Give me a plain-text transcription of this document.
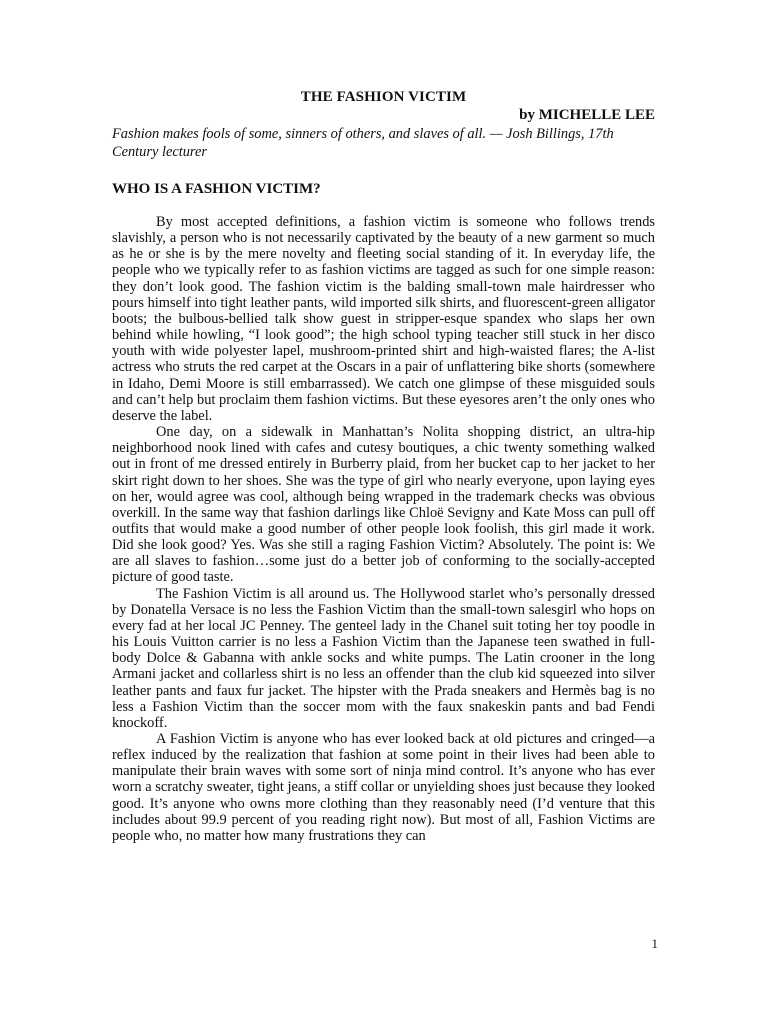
THE FASHION VICTIM
by MICHELLE LEE
Fashion makes fools of some, sinners of others, and slaves of all. — Josh Billings, 17th Century lecturer
WHO IS A FASHION VICTIM?

By most accepted definitions, a fashion victim is someone who follows trends slavishly, a person who is not necessarily captivated by the beauty of a new garment so much as he or she is by the mere novelty and fleeting social standing of it. In everyday life, the people who we typically refer to as fashion victims are tagged as such for one simple reason: they don’t look good. The fashion victim is the balding small-town male hairdresser who pours himself into tight leather pants, wild imported silk shirts, and fluorescent-green alligator boots; the bulbous-bellied talk show guest in stripper-esque spandex who slaps her own behind while howling, “I look good”; the high school typing teacher still stuck in her disco youth with wide polyester lapel, mushroom-printed shirt and high-waisted flares; the A-list actress who struts the red carpet at the Oscars in a pair of unflattering bike shorts (somewhere in Idaho, Demi Moore is still embarrassed). We catch one glimpse of these misguided souls and can’t help but proclaim them fashion victims. But these eyesores aren’t the only ones who deserve the label.

One day, on a sidewalk in Manhattan’s Nolita shopping district, an ultra-hip neighborhood nook lined with cafes and cutesy boutiques, a chic twenty something walked out in front of me dressed entirely in Burberry plaid, from her bucket cap to her jacket to her skirt right down to her shoes. She was the type of girl who nearly everyone, upon laying eyes on her, would agree was cool, although being wrapped in the trademark checks was obvious overkill. In the same way that fashion darlings like Chloë Sevigny and Kate Moss can pull off outfits that would make a good number of other people look foolish, this girl made it work. Did she look good? Yes. Was she still a raging Fashion Victim? Absolutely. The point is: We are all slaves to fashion…some just do a better job of conforming to the socially-accepted picture of good taste.

The Fashion Victim is all around us. The Hollywood starlet who’s personally dressed by Donatella Versace is no less the Fashion Victim than the small-town salesgirl who hops on every fad at her local JC Penney. The genteel lady in the Chanel suit toting her toy poodle in his Louis Vuitton carrier is no less a Fashion Victim than the Japanese teen swathed in full-body Dolce & Gabanna with ankle socks and white pumps. The Latin crooner in the long Armani jacket and collarless shirt is no less an offender than the club kid squeezed into silver leather pants and faux fur jacket. The hipster with the Prada sneakers and Hermès bag is no less a Fashion Victim than the soccer mom with the faux snakeskin pants and bad Fendi knockoff.

A Fashion Victim is anyone who has ever looked back at old pictures and cringed—a reflex induced by the realization that fashion at some point in their lives had been able to manipulate their brain waves with some sort of ninja mind control. It’s anyone who has ever worn a scratchy sweater, tight jeans, a stiff collar or unyielding shoes just because they looked good. It’s anyone who owns more clothing than they reasonably need (I’d venture that this includes about 99.9 percent of you reading right now). But most of all, Fashion Victims are people who, no matter how many frustrations they can

1
